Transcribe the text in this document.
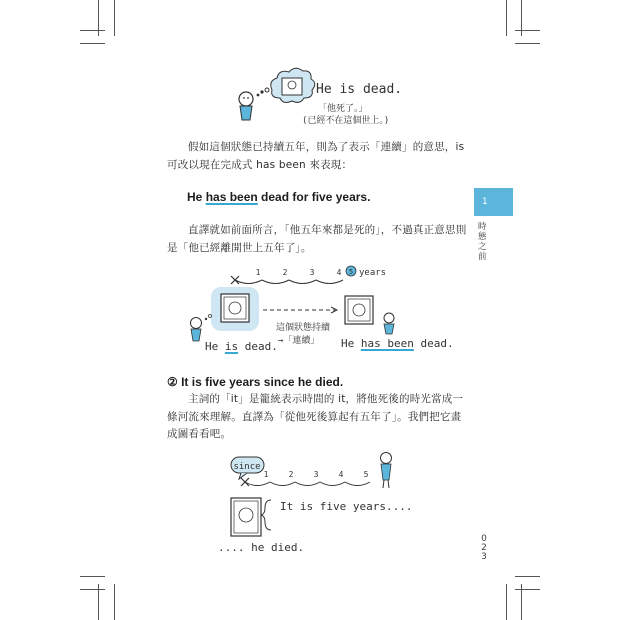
He is dead.
「他死了。」
(已經不在這個世上。)
假如這個狀態已持續五年，則為了表示「連續」的意思，is 可改以現在完成式 has been 來表現：
He has been dead for five years.
直譯就如前面所言，「他五年來都是死的」，不過真正意思則是「他已經離開世上五年了」。
1	2	3	4 5 years
He is dead.
這個狀態持續
→「連續」 He has been dead.
② It is five years since he died.
主詞的「it」是籠統表示時間的 it，將他死後的時光當成一條河流來理解。直譯為「從他死後算起有五年了」。我們把它畫成圖看看吧。
since
1	2	3	4	5
It is five years....
.... he died.
1
時
態
之
前
0
2
3
